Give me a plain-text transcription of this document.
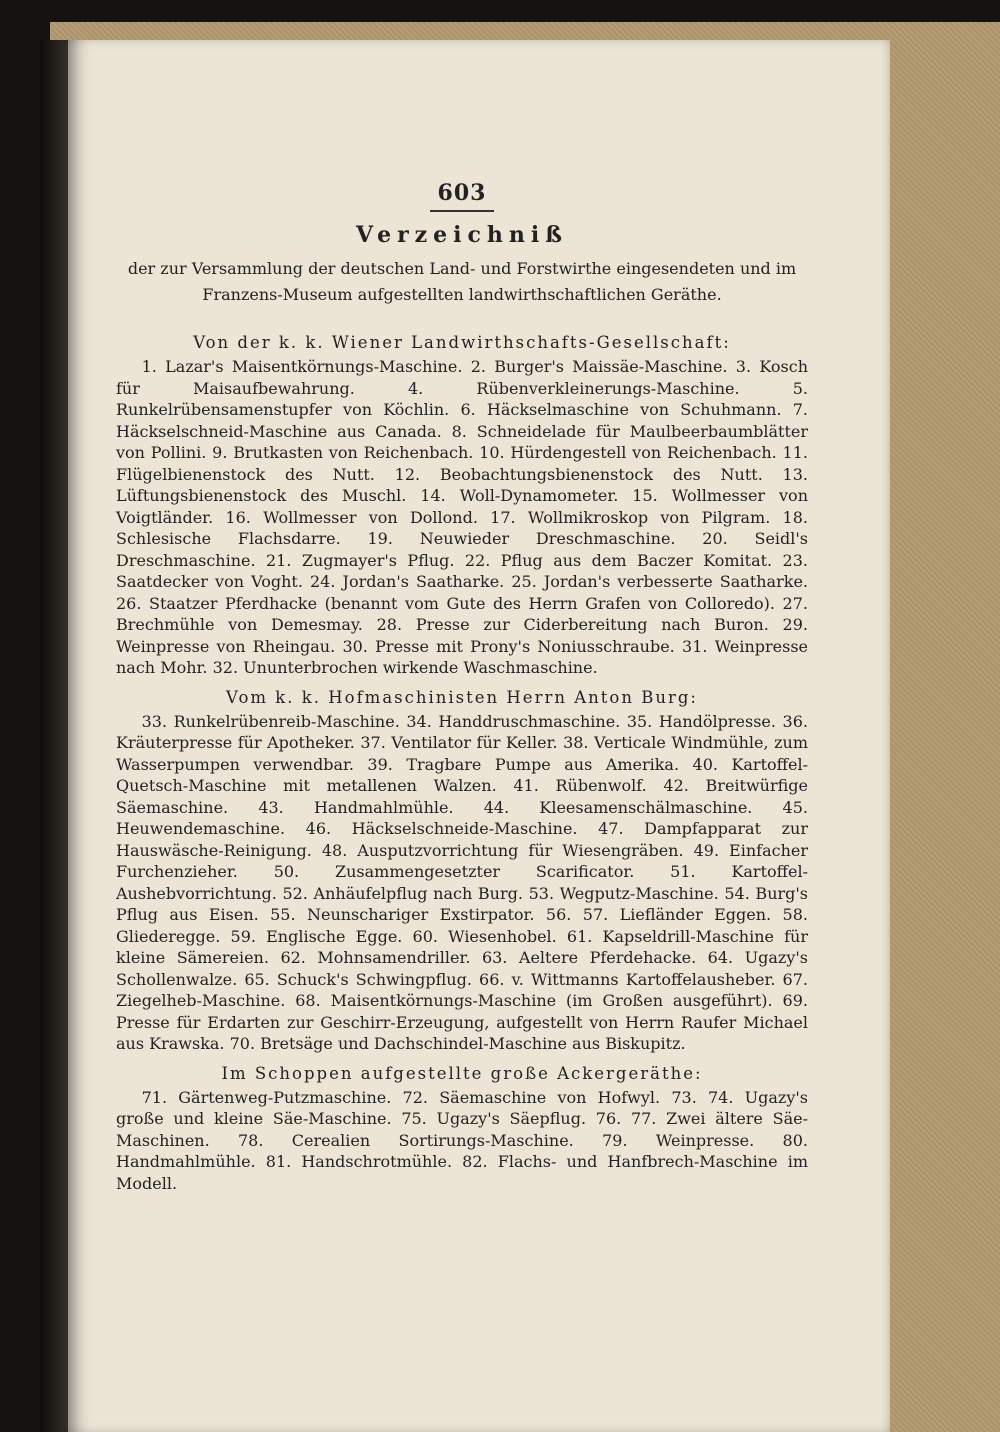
603
Verzeichniß
der zur Versammlung der deutschen Land- und Forstwirthe eingesendeten und im Franzens-Museum aufgestellten landwirthschaftlichen Geräthe.
Von der k. k. Wiener Landwirthschafts-Gesellschaft:
1. Lazar's Maisentkörnungs-Maschine. 2. Burger's Maissäe-Maschine. 3. Kosch für Maisaufbewahrung. 4. Rübenverkleinerungs-Maschine. 5. Runkelrübensamenstupfer von Köchlin. 6. Häckselmaschine von Schuhmann. 7. Häckselschneid-Maschine aus Canada. 8. Schneidelade für Maulbeerbaumblätter von Pollini. 9. Brutkasten von Reichenbach. 10. Hürdengestell von Reichenbach. 11. Flügelbienenstock des Nutt. 12. Beobachtungsbienenstock des Nutt. 13. Lüftungsbienenstock des Muschl. 14. Woll-Dynamometer. 15. Wollmesser von Voigtländer. 16. Wollmesser von Dollond. 17. Wollmikroskop von Pilgram. 18. Schlesische Flachsdarre. 19. Neuwieder Dreschmaschine. 20. Seidl's Dreschmaschine. 21. Zugmayer's Pflug. 22. Pflug aus dem Baczer Komitat. 23. Saatdecker von Voght. 24. Jordan's Saatharke. 25. Jordan's verbesserte Saatharke. 26. Staatzer Pferdhacke (benannt vom Gute des Herrn Grafen von Colloredo). 27. Brechmühle von Demesmay. 28. Presse zur Ciderbereitung nach Buron. 29. Weinpresse von Rheingau. 30. Presse mit Prony's Noniusschraube. 31. Weinpresse nach Mohr. 32. Ununterbrochen wirkende Waschmaschine.
Vom k. k. Hofmaschinisten Herrn Anton Burg:
33. Runkelrübenreib-Maschine. 34. Handdruschmaschine. 35. Handölpresse. 36. Kräuterpresse für Apotheker. 37. Ventilator für Keller. 38. Verticale Windmühle, zum Wasserpumpen verwendbar. 39. Tragbare Pumpe aus Amerika. 40. Kartoffel-Quetsch-Maschine mit metallenen Walzen. 41. Rübenwolf. 42. Breitwürfige Säemaschine. 43. Handmahlmühle. 44. Kleesamenschälmaschine. 45. Heuwendemaschine. 46. Häckselschneide-Maschine. 47. Dampfapparat zur Hauswäsche-Reinigung. 48. Ausputzvorrichtung für Wiesengräben. 49. Einfacher Furchenzieher. 50. Zusammengesetzter Scarificator. 51. Kartoffel-Aushebvorrichtung. 52. Anhäufelpflug nach Burg. 53. Wegputz-Maschine. 54. Burg's Pflug aus Eisen. 55. Neunschariger Exstirpator. 56. 57. Liefländer Eggen. 58. Gliederegge. 59. Englische Egge. 60. Wiesenhobel. 61. Kapseldrill-Maschine für kleine Sämereien. 62. Mohnsamendriller. 63. Aeltere Pferdehacke. 64. Ugazy's Schollenwalze. 65. Schuck's Schwingpflug. 66. v. Wittmanns Kartoffelausheber. 67. Ziegelheb-Maschine. 68. Maisentkörnungs-Maschine (im Großen ausgeführt). 69. Presse für Erdarten zur Geschirr-Erzeugung, aufgestellt von Herrn Raufer Michael aus Krawska. 70. Bretsäge und Dachschindel-Maschine aus Biskupitz.
Im Schoppen aufgestellte große Ackergeräthe:
71. Gärtenweg-Putzmaschine. 72. Säemaschine von Hofwyl. 73. 74. Ugazy's große und kleine Säe-Maschine. 75. Ugazy's Säepflug. 76. 77. Zwei ältere Säe-Maschinen. 78. Cerealien Sortirungs-Maschine. 79. Weinpresse. 80. Handmahlmühle. 81. Handschrotmühle. 82. Flachs- und Hanfbrech-Maschine im Modell.
